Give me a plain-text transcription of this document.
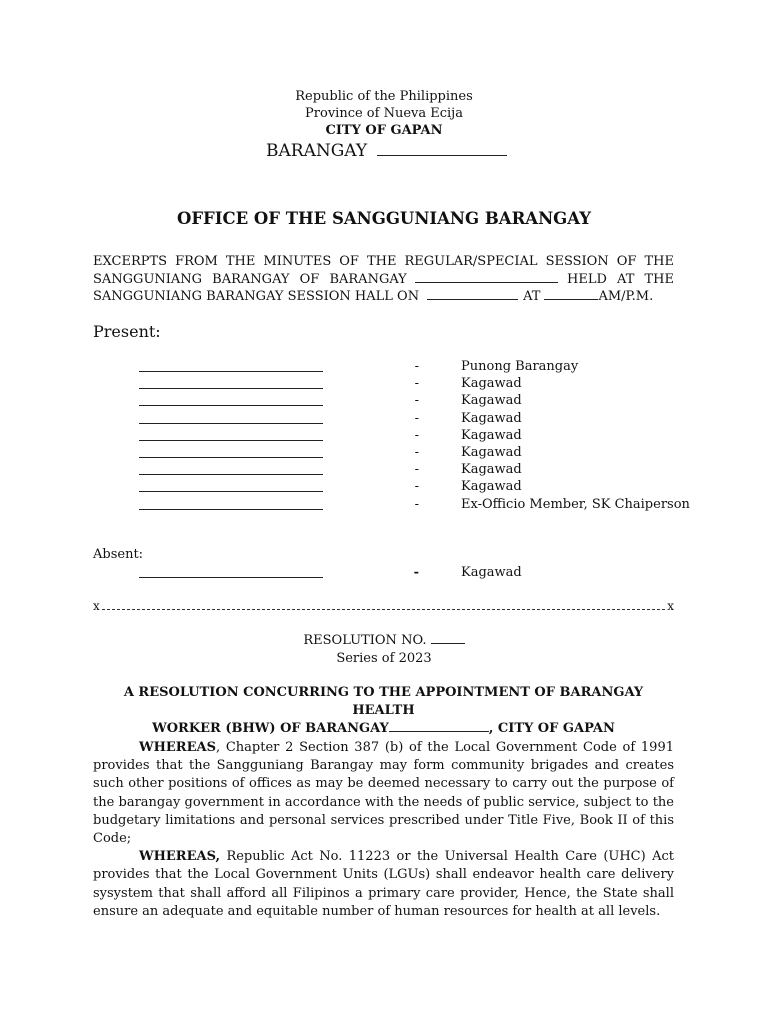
Republic of the Philippines
Province of Nueva Ecija
CITY OF GAPAN
BARANGAY
OFFICE OF THE SANGGUNIANG BARANGAY
EXCERPTS FROM THE MINUTES OF THE REGULAR/SPECIAL SESSION OF THE
SANGGUNIANG BARANGAY OF BARANGAY	HELD AT THE
SANGGUNIANG BARANGAY SESSION HALL ON	AT	AM/P.M.
Present:
-	Punong Barangay
-	Kagawad
-	Kagawad
-	Kagawad
-	Kagawad
-	Kagawad
-	Kagawad
-	Kagawad
-	Ex-Officio Member, SK Chaiperson
Absent:
-	Kagawad
x	x
RESOLUTION NO.
Series of 2023
A RESOLUTION CONCURRING TO THE APPOINTMENT OF BARANGAY HEALTH
WORKER (BHW) OF BARANGAY	, CITY OF GAPAN

WHEREAS, Chapter 2 Section 387 (b) of the Local Government Code of 1991 provides that the Sangguniang Barangay may form community brigades and creates such other positions of offices as may be deemed necessary to carry out the purpose of the barangay government in accordance with the needs of public service, subject to the budgetary limitations and personal services prescribed under Title Five, Book II of this Code;

WHEREAS, Republic Act No. 11223 or the Universal Health Care (UHC) Act provides that the Local Government Units (LGUs) shall endeavor health care delivery sysystem that shall afford all Filipinos a primary care provider, Hence, the State shall ensure an adequate and equitable number of human resources for health at all levels.
